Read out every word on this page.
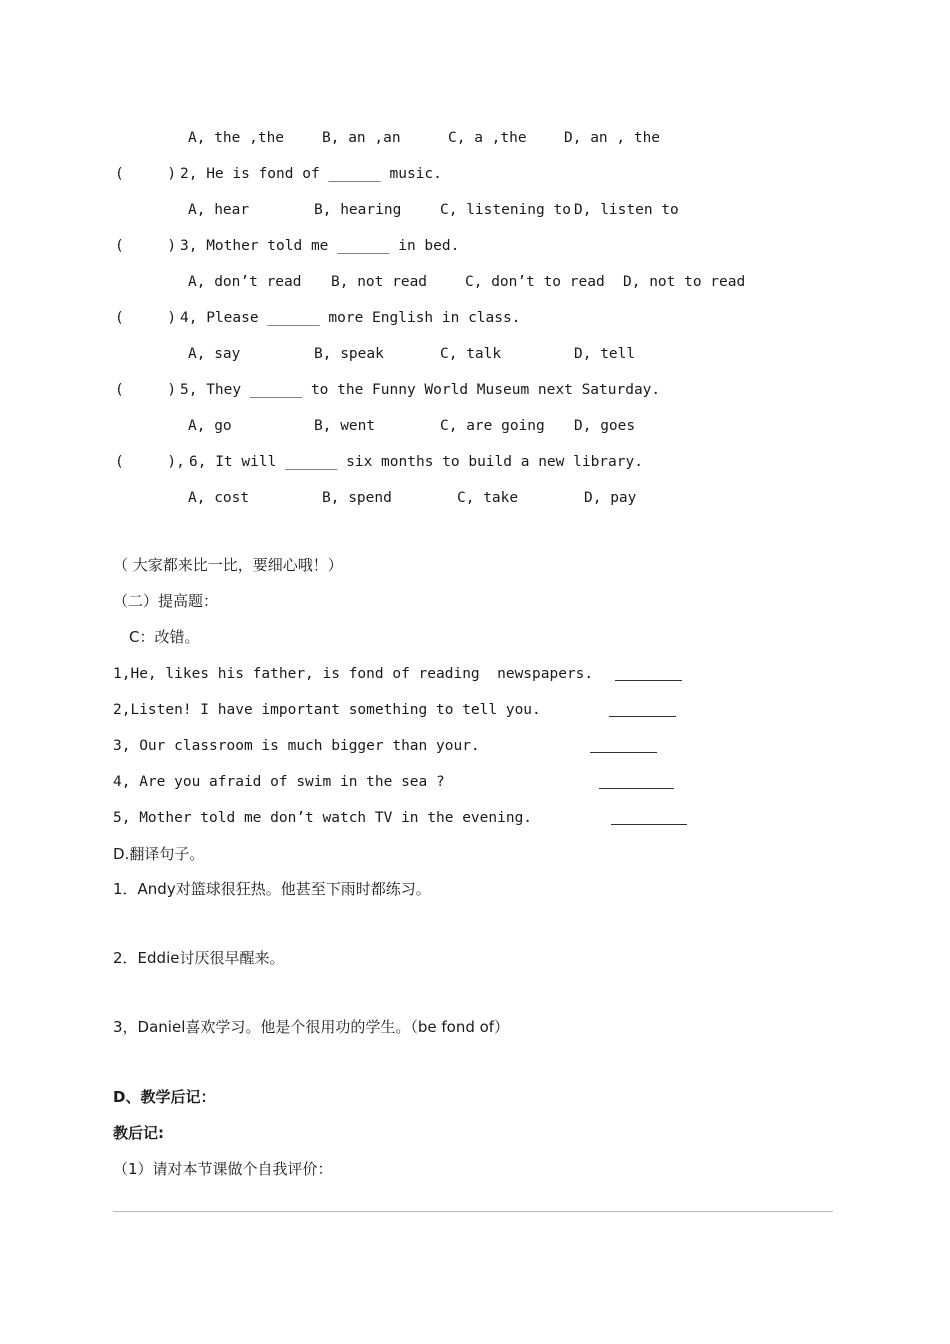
A, the ,the	B, an ,an	C, a ,the	D, an , the
(     ) 2, He is fond of ______ music.
A, hear	B, hearing	C, listening to D, listen to
(     ) 3, Mother told me ______ in bed.
A, don’t read B, not read	C, don’t to read D, not to read
(     ) 4, Please ______ more English in class.
A, say	B, speak	C, talk	D, tell
(     ) 5, They ______ to the Funny World Museum next Saturday.
A, go	B, went	C, are going D, goes
(     ), 6, It will ______ six months to build a new library.
A, cost	B, spend	C, take	D, pay
（ 大家都来比一比，要细心哦！）
（二）提高题：
C：改错。
1,He, likes his father, is fond of reading  newspapers.
2,Listen! I have important something to tell you.
3, Our classroom is much bigger than your.
4, Are you afraid of swim in the sea ?
5, Mother told me don’t watch TV in the evening.
D.翻译句子。
1．Andy对篮球很狂热。他甚至下雨时都练习。
2．Eddie讨厌很早醒来。
3，Daniel喜欢学习。他是个很用功的学生。（be fond of）
D、教学后记：
教后记:
（1）请对本节课做个自我评价：
